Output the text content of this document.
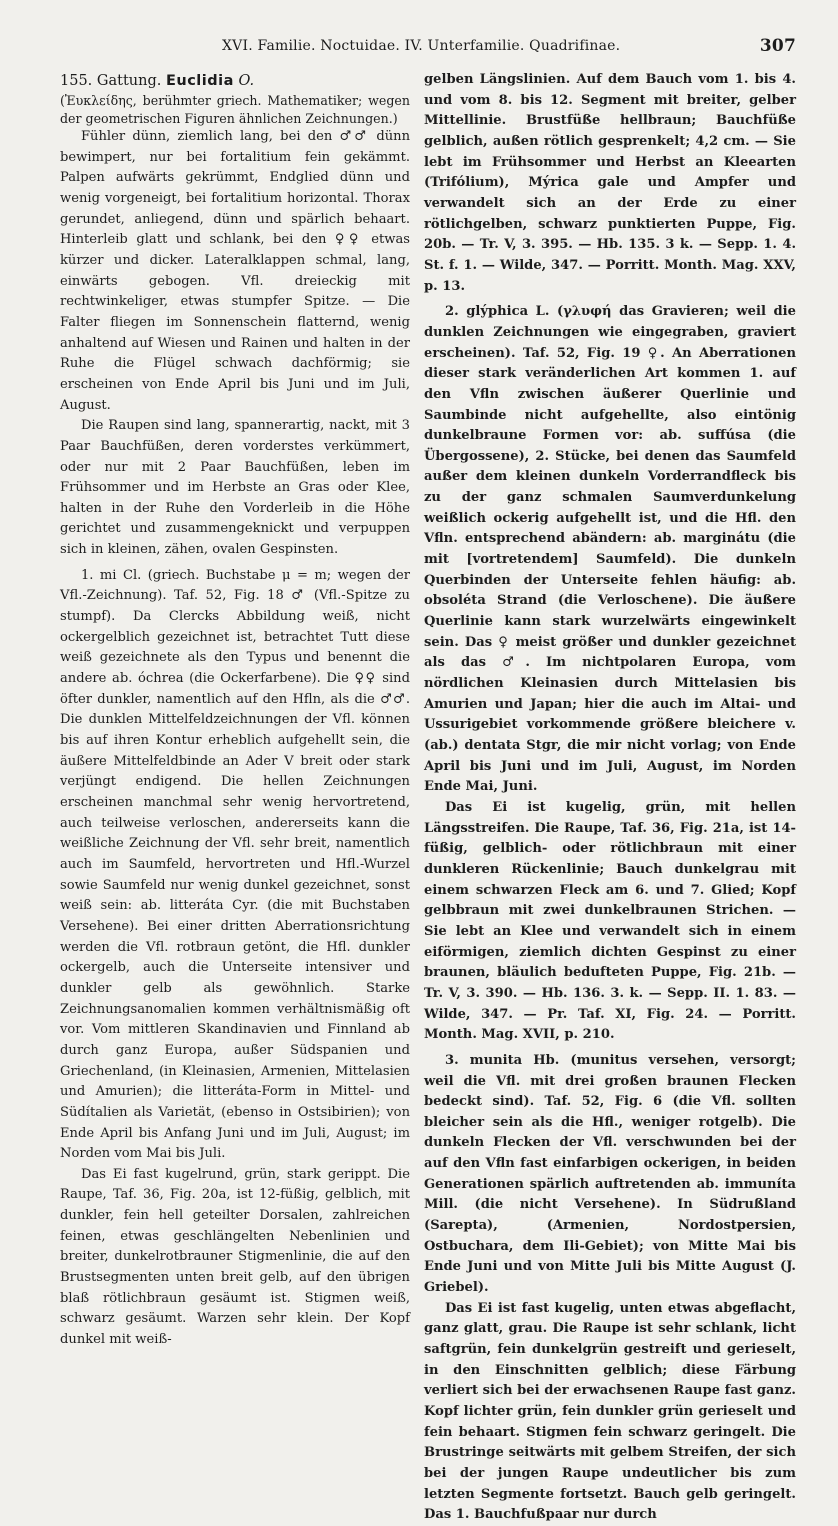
XVI. Familie. Noctuidae. IV. Unterfamilie. Quadrifinae.	307

155. Gattung. Euclidia O.

(Ἐυκλείδης, berühmter griech. Mathematiker; wegen der geometrischen Figuren ähnlichen Zeichnungen.)

Fühler dünn, ziemlich lang, bei den ♂♂ dünn bewimpert, nur bei fortalitium fein gekämmt. Palpen aufwärts gekrümmt, Endglied dünn und wenig vorgeneigt, bei fortalitium horizontal. Thorax gerundet, anliegend, dünn und spärlich behaart. Hinterleib glatt und schlank, bei den ♀♀ etwas kürzer und dicker. Lateralklappen schmal, lang, einwärts gebogen. Vfl. dreieckig mit rechtwinkeliger, etwas stumpfer Spitze. — Die Falter fliegen im Sonnenschein flatternd, wenig anhaltend auf Wiesen und Rainen und halten in der Ruhe die Flügel schwach dachförmig; sie erscheinen von Ende April bis Juni und im Juli, August.

Die Raupen sind lang, spannerartig, nackt, mit 3 Paar Bauchfüßen, deren vorderstes verkümmert, oder nur mit 2 Paar Bauchfüßen, leben im Frühsommer und im Herbste an Gras oder Klee, halten in der Ruhe den Vorderleib in die Höhe gerichtet und zusammengeknickt und verpuppen sich in kleinen, zähen, ovalen Gespinsten.

1. mi Cl. (griech. Buchstabe μ = m; wegen der Vfl.-Zeichnung). Taf. 52, Fig. 18 ♂ (Vfl.-Spitze zu stumpf). Da Clercks Abbildung weiß, nicht ockergelblich gezeichnet ist, betrachtet Tutt diese weiß gezeichnete als den Typus und benennt die andere ab. óchrea (die Ockerfarbene). Die ♀♀ sind öfter dunkler, namentlich auf den Hfln, als die ♂♂. Die dunklen Mittelfeldzeichnungen der Vfl. können bis auf ihren Kontur erheblich aufgehellt sein, die äußere Mittelfeldbinde an Ader V breit oder stark verjüngt endigend. Die hellen Zeichnungen erscheinen manchmal sehr wenig hervortretend, auch teilweise verloschen, andererseits kann die weißliche Zeichnung der Vfl. sehr breit, namentlich auch im Saumfeld, hervortreten und Hfl.-Wurzel sowie Saumfeld nur wenig dunkel gezeichnet, sonst weiß sein: ab. litteráta Cyr. (die mit Buchstaben Versehene). Bei einer dritten Aberrationsrichtung werden die Vfl. rotbraun getönt, die Hfl. dunkler ockergelb, auch die Unterseite intensiver und dunkler gelb als gewöhnlich. Starke Zeichnungsanomalien kommen verhältnismäßig oft vor. Vom mittleren Skandinavien und Finnland ab durch ganz Europa, außer Südspanien und Griechenland, (in Kleinasien, Armenien, Mittelasien und Amurien); die litteráta-Form in Mittel- und Südítalien als Varietät, (ebenso in Ostsibirien); von Ende April bis Anfang Juni und im Juli, August; im Norden vom Mai bis Juli.

Das Ei fast kugelrund, grün, stark gerippt. Die Raupe, Taf. 36, Fig. 20a, ist 12-füßig, gelblich, mit dunkler, fein hell geteilter Dorsalen, zahlreichen feinen, etwas geschlängelten Nebenlinien und breiter, dunkelrotbrauner Stigmenlinie, die auf den Brustsegmenten unten breit gelb, auf den übrigen blaß rötlichbraun gesäumt ist. Stigmen weiß, schwarz gesäumt. Warzen sehr klein. Der Kopf dunkel mit weiß-

gelben Längslinien. Auf dem Bauch vom 1. bis 4. und vom 8. bis 12. Segment mit breiter, gelber Mittellinie. Brustfüße hellbraun; Bauchfüße gelblich, außen rötlich gesprenkelt; 4,2 cm. — Sie lebt im Frühsommer und Herbst an Kleearten (Trifólium), Mýrica gale und Ampfer und verwandelt sich an der Erde zu einer rötlichgelben, schwarz punktierten Puppe, Fig. 20b. — Tr. V, 3. 395. — Hb. 135. 3 k. — Sepp. 1. 4. St. f. 1. — Wilde, 347. — Porritt. Month. Mag. XXV, p. 13.

2. glýphica L. (γλυφή das Gravieren; weil die dunklen Zeichnungen wie eingegraben, graviert erscheinen). Taf. 52, Fig. 19 ♀. An Aberrationen dieser stark veränderlichen Art kommen 1. auf den Vfln zwischen äußerer Querlinie und Saumbinde nicht aufgehellte, also eintönig dunkelbraune Formen vor: ab. suffúsa (die Übergossene), 2. Stücke, bei denen das Saumfeld außer dem kleinen dunkeln Vorderrandfleck bis zu der ganz schmalen Saumverdunkelung weißlich ockerig aufgehellt ist, und die Hfl. den Vfln. entsprechend abändern: ab. marginátu (die mit [vortretendem] Saumfeld). Die dunkeln Querbinden der Unterseite fehlen häufig: ab. obsoléta Strand (die Verloschene). Die äußere Querlinie kann stark wurzelwärts eingewinkelt sein. Das ♀ meist größer und dunkler gezeichnet als das ♂. Im nichtpolaren Europa, vom nördlichen Kleinasien durch Mittelasien bis Amurien und Japan; hier die auch im Altai- und Ussurigebiet vorkommende größere bleichere v. (ab.) dentata Stgr, die mir nicht vorlag; von Ende April bis Juni und im Juli, August, im Norden Ende Mai, Juni.

Das Ei ist kugelig, grün, mit hellen Längsstreifen. Die Raupe, Taf. 36, Fig. 21a, ist 14-füßig, gelblich- oder rötlichbraun mit einer dunkleren Rückenlinie; Bauch dunkelgrau mit einem schwarzen Fleck am 6. und 7. Glied; Kopf gelbbraun mit zwei dunkelbraunen Strichen. — Sie lebt an Klee und verwandelt sich in einem eiförmigen, ziemlich dichten Gespinst zu einer braunen, bläulich bedufteten Puppe, Fig. 21b. — Tr. V, 3. 390. — Hb. 136. 3. k. — Sepp. II. 1. 83. — Wilde, 347. — Pr. Taf. XI, Fig. 24. — Porritt. Month. Mag. XVII, p. 210.

3. munita Hb. (munitus versehen, versorgt; weil die Vfl. mit drei großen braunen Flecken bedeckt sind). Taf. 52, Fig. 6 (die Vfl. sollten bleicher sein als die Hfl., weniger rotgelb). Die dunkeln Flecken der Vfl. verschwunden bei der auf den Vfln fast einfarbigen ockerigen, in beiden Generationen spärlich auftretenden ab. immuníta Mill. (die nicht Versehene). In Südrußland (Sarepta), (Armenien, Nordostpersien, Ostbuchara, dem Ili-Gebiet); von Mitte Mai bis Ende Juni und von Mitte Juli bis Mitte August (J. Griebel).

Das Ei ist fast kugelig, unten etwas abgeflacht, ganz glatt, grau. Die Raupe ist sehr schlank, licht saftgrün, fein dunkelgrün gestreift und gerieselt, in den Einschnitten gelblich; diese Färbung verliert sich bei der erwachsenen Raupe fast ganz. Kopf lichter grün, fein dunkler grün gerieselt und fein behaart. Stigmen fein schwarz geringelt. Die Brustringe seitwärts mit gelbem Streifen, der sich bei der jungen Raupe undeutlicher bis zum letzten Segmente fortsetzt. Bauch gelb geringelt. Das 1. Bauchfußpaar nur durch
